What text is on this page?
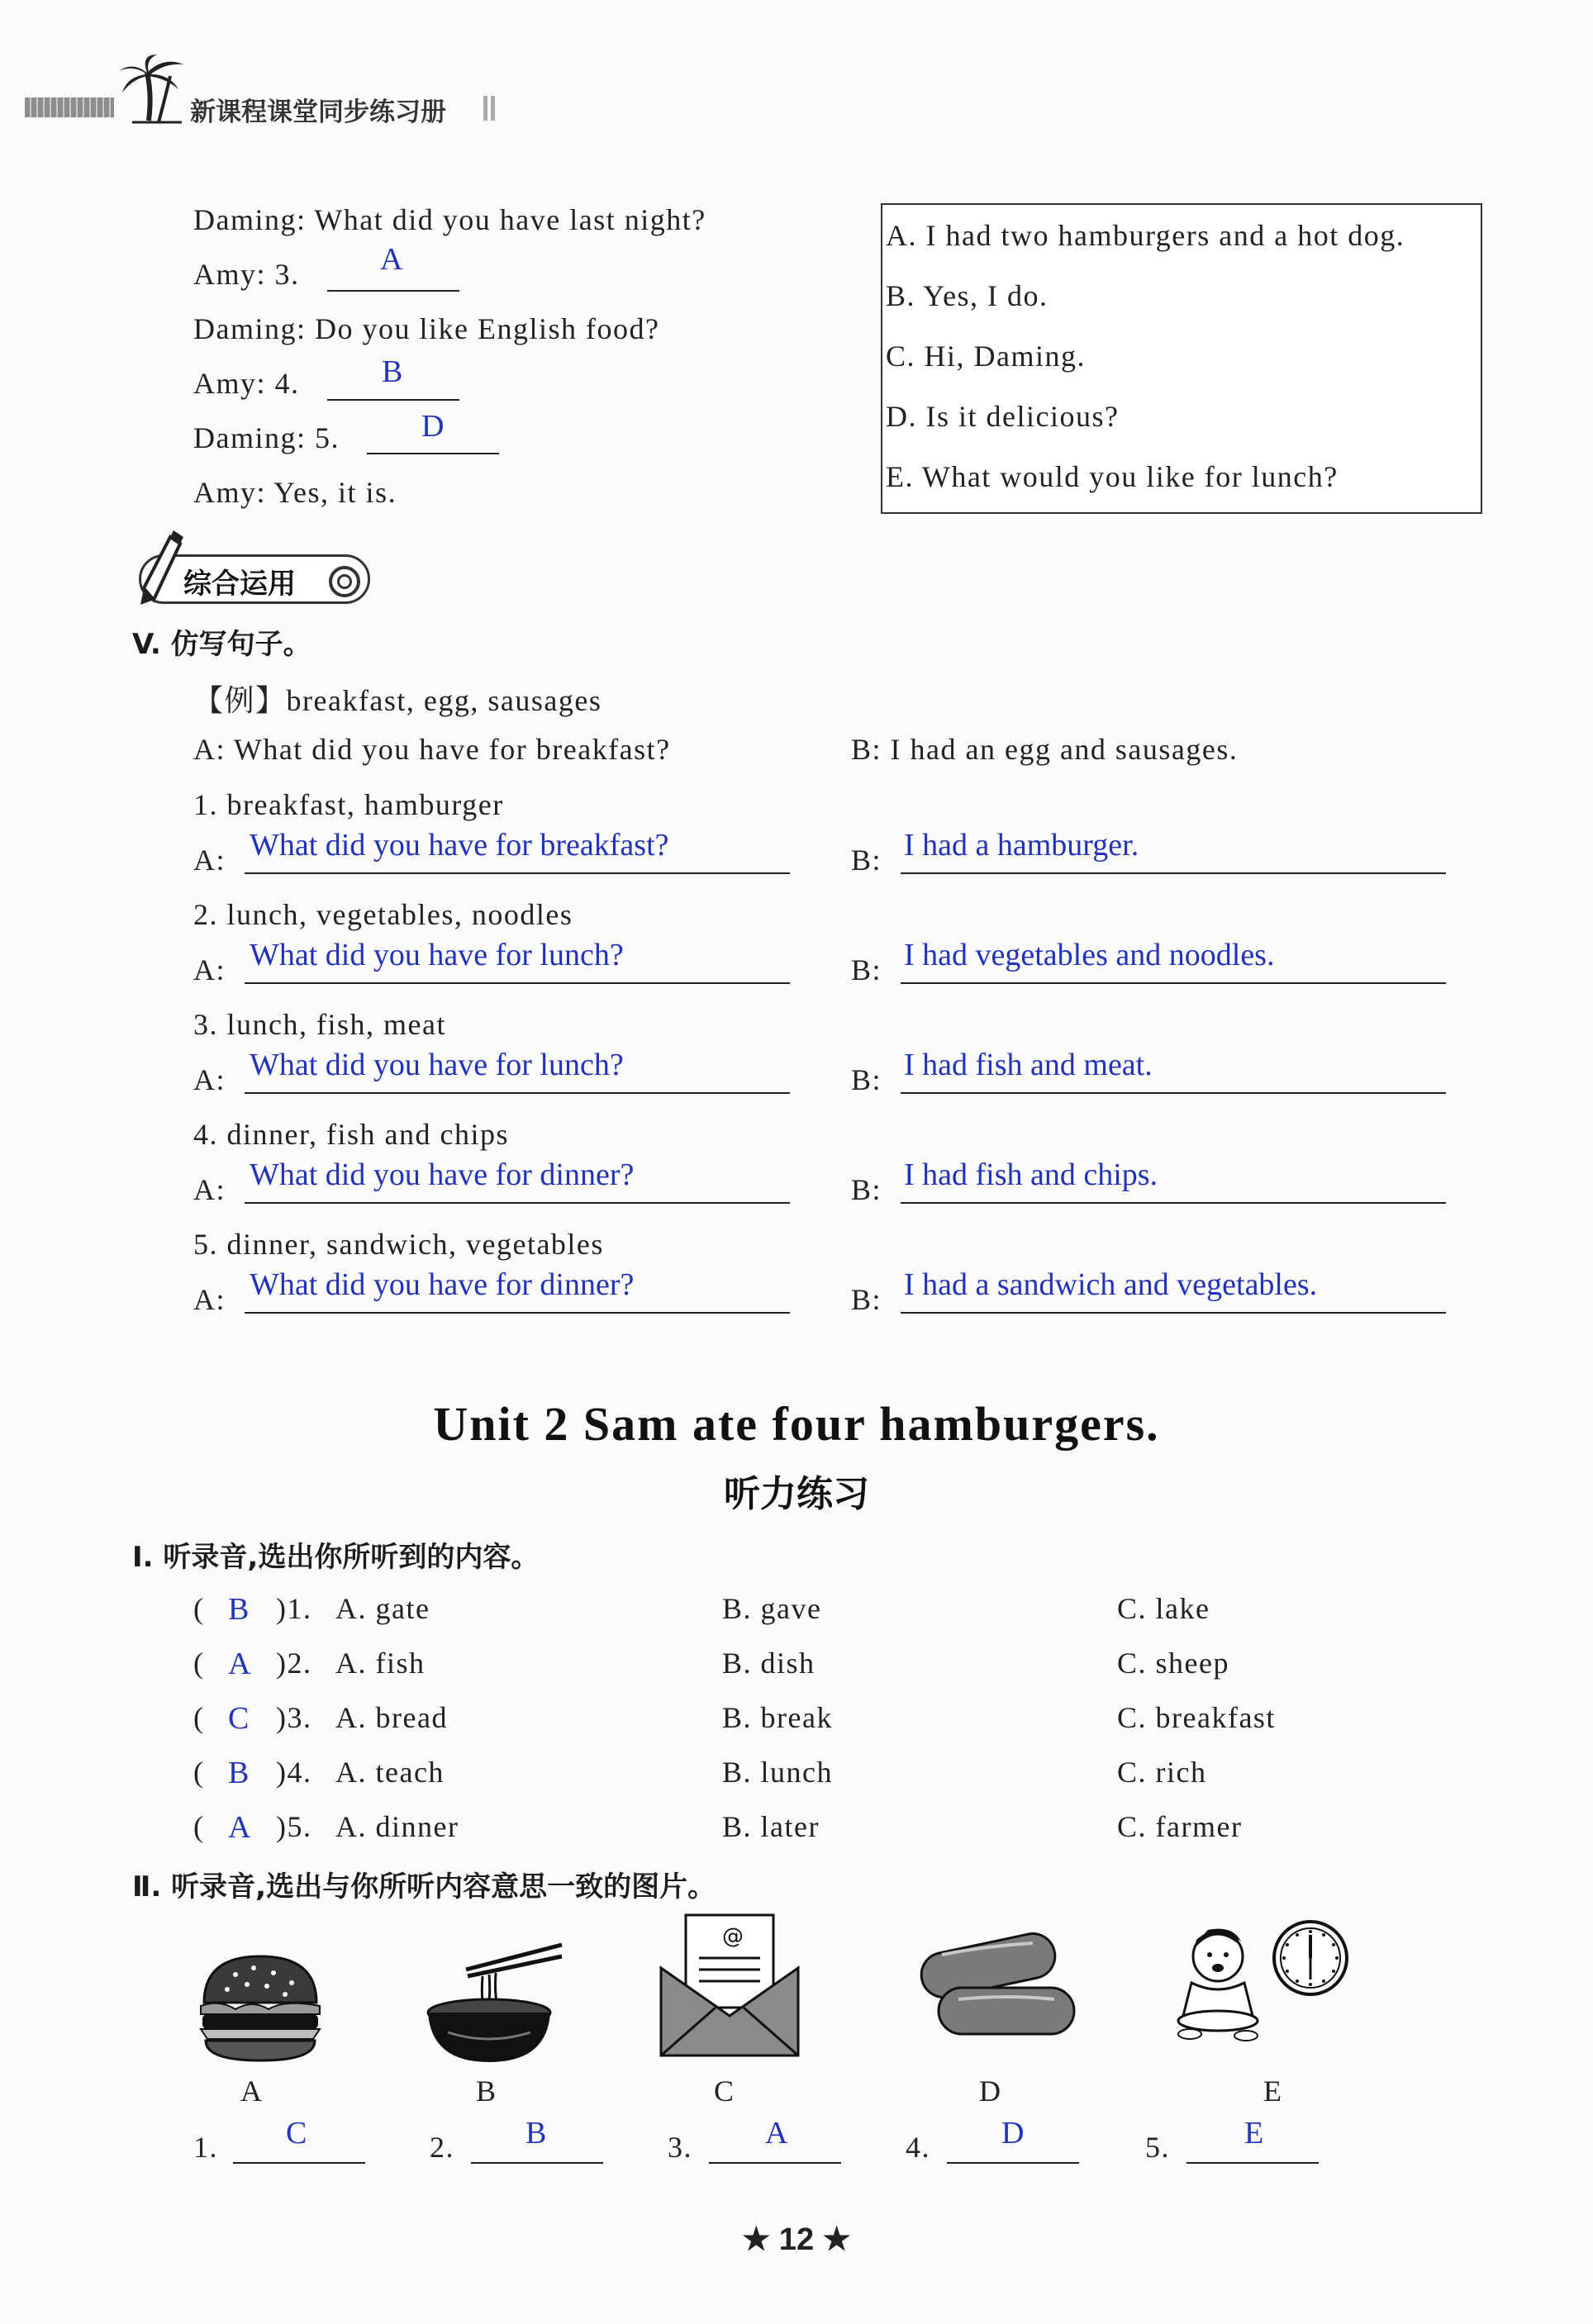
新课程课堂同步练习册
Daming: What did you have last night?
Amy: 3.	A
Daming: Do you like English food?
Amy: 4.	B
Daming: 5.	D
Amy: Yes, it is.
A. I had two hamburgers and a hot dog.
B. Yes, I do.
C. Hi, Daming.
D. Is it delicious?
E. What would you like for lunch?
综合运用
V. 仿写句子。
【例】breakfast, egg, sausages
A: What did you have for breakfast?	B: I had an egg and sausages.
1. breakfast, hamburger
A: What did you have for breakfast?	B: I had a hamburger.
2. lunch, vegetables, noodles
A: What did you have for lunch?	B: I had vegetables and noodles.
3. lunch, fish, meat
A: What did you have for lunch?	B: I had fish and meat.
4. dinner, fish and chips
A: What did you have for dinner?	B: I had fish and chips.
5. dinner, sandwich, vegetables
A: What did you have for dinner?	B: I had a sandwich and vegetables.
Unit 2 Sam ate four hamburgers.
听力练习
Ⅰ. 听录音,选出你所听到的内容。
( B )1. A. gate	B. gave	C. lake
( A )2. A. fish	B. dish	C. sheep
( C )3. A. bread	B. break	C. breakfast
( B )4. A. teach	B. lunch	C. rich
( A )5. A. dinner	B. later	C. farmer
Ⅱ. 听录音,选出与你所听内容意思一致的图片。
@
A	B	C	D	E
1. C	2. B	3. A	4. D	5. E
★ 12 ★
